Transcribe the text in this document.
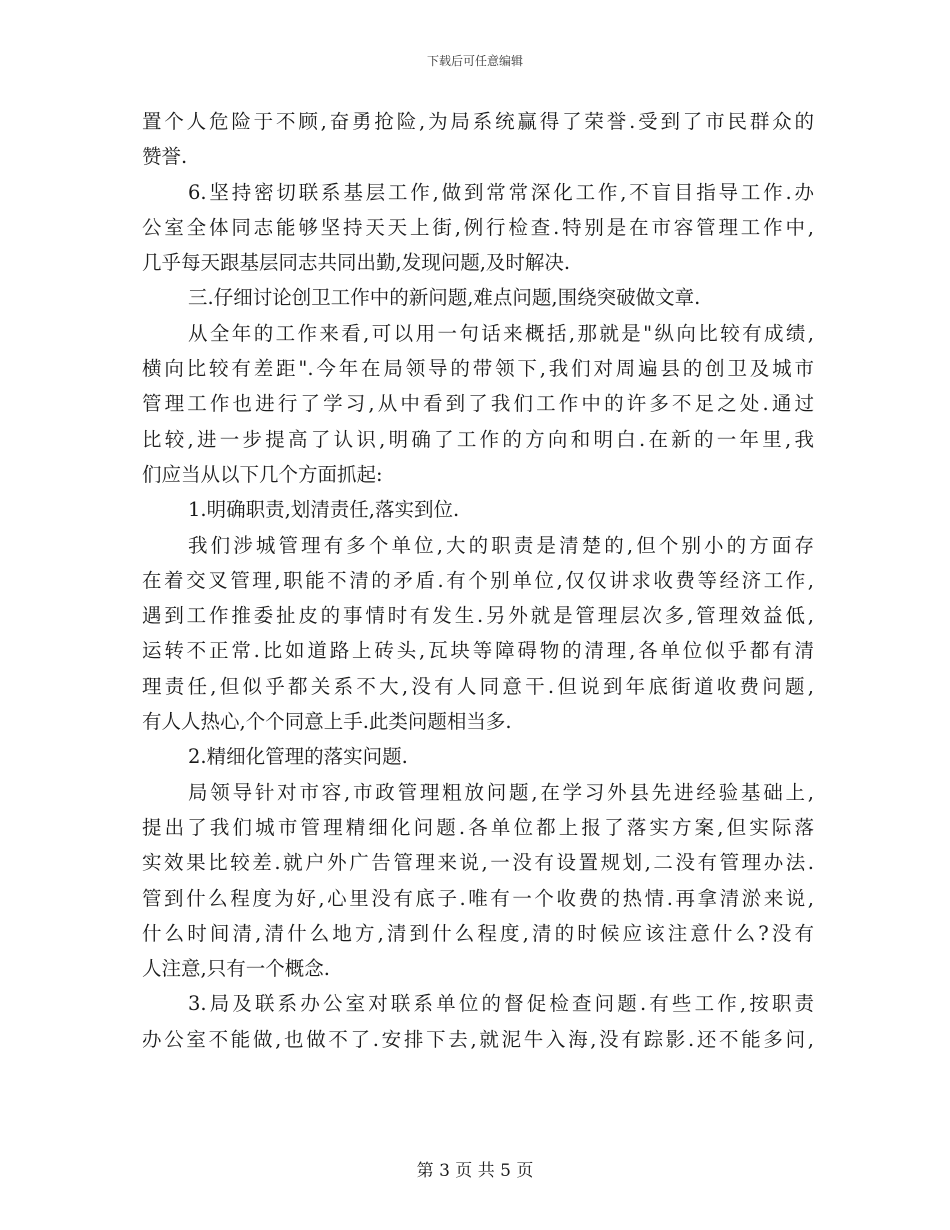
下载后可任意编辑
置个人危险于不顾,奋勇抢险,为局系统赢得了荣誉.受到了市民群众的
赞誉.
6.坚持密切联系基层工作,做到常常深化工作,不盲目指导工作.办
公室全体同志能够坚持天天上街,例行检查.特别是在市容管理工作中,
几乎每天跟基层同志共同出勤,发现问题,及时解决.
三.仔细讨论创卫工作中的新问题,难点问题,围绕突破做文章.
从全年的工作来看,可以用一句话来概括,那就是"纵向比较有成绩,
横向比较有差距".今年在局领导的带领下,我们对周遍县的创卫及城市
管理工作也进行了学习,从中看到了我们工作中的许多不足之处.通过
比较,进一步提高了认识,明确了工作的方向和明白.在新的一年里,我
们应当从以下几个方面抓起:
1.明确职责,划清责任,落实到位.
我们涉城管理有多个单位,大的职责是清楚的,但个别小的方面存
在着交叉管理,职能不清的矛盾.有个别单位,仅仅讲求收费等经济工作,
遇到工作推委扯皮的事情时有发生.另外就是管理层次多,管理效益低,
运转不正常.比如道路上砖头,瓦块等障碍物的清理,各单位似乎都有清
理责任,但似乎都关系不大,没有人同意干.但说到年底街道收费问题,
有人人热心,个个同意上手.此类问题相当多.
2.精细化管理的落实问题.
局领导针对市容,市政管理粗放问题,在学习外县先进经验基础上,
提出了我们城市管理精细化问题.各单位都上报了落实方案,但实际落
实效果比较差.就户外广告管理来说,一没有设置规划,二没有管理办法.
管到什么程度为好,心里没有底子.唯有一个收费的热情.再拿清淤来说,
什么时间清,清什么地方,清到什么程度,清的时候应该注意什么?没有
人注意,只有一个概念.
3.局及联系办公室对联系单位的督促检查问题.有些工作,按职责
办公室不能做,也做不了.安排下去,就泥牛入海,没有踪影.还不能多问,
第 3 页 共 5 页
